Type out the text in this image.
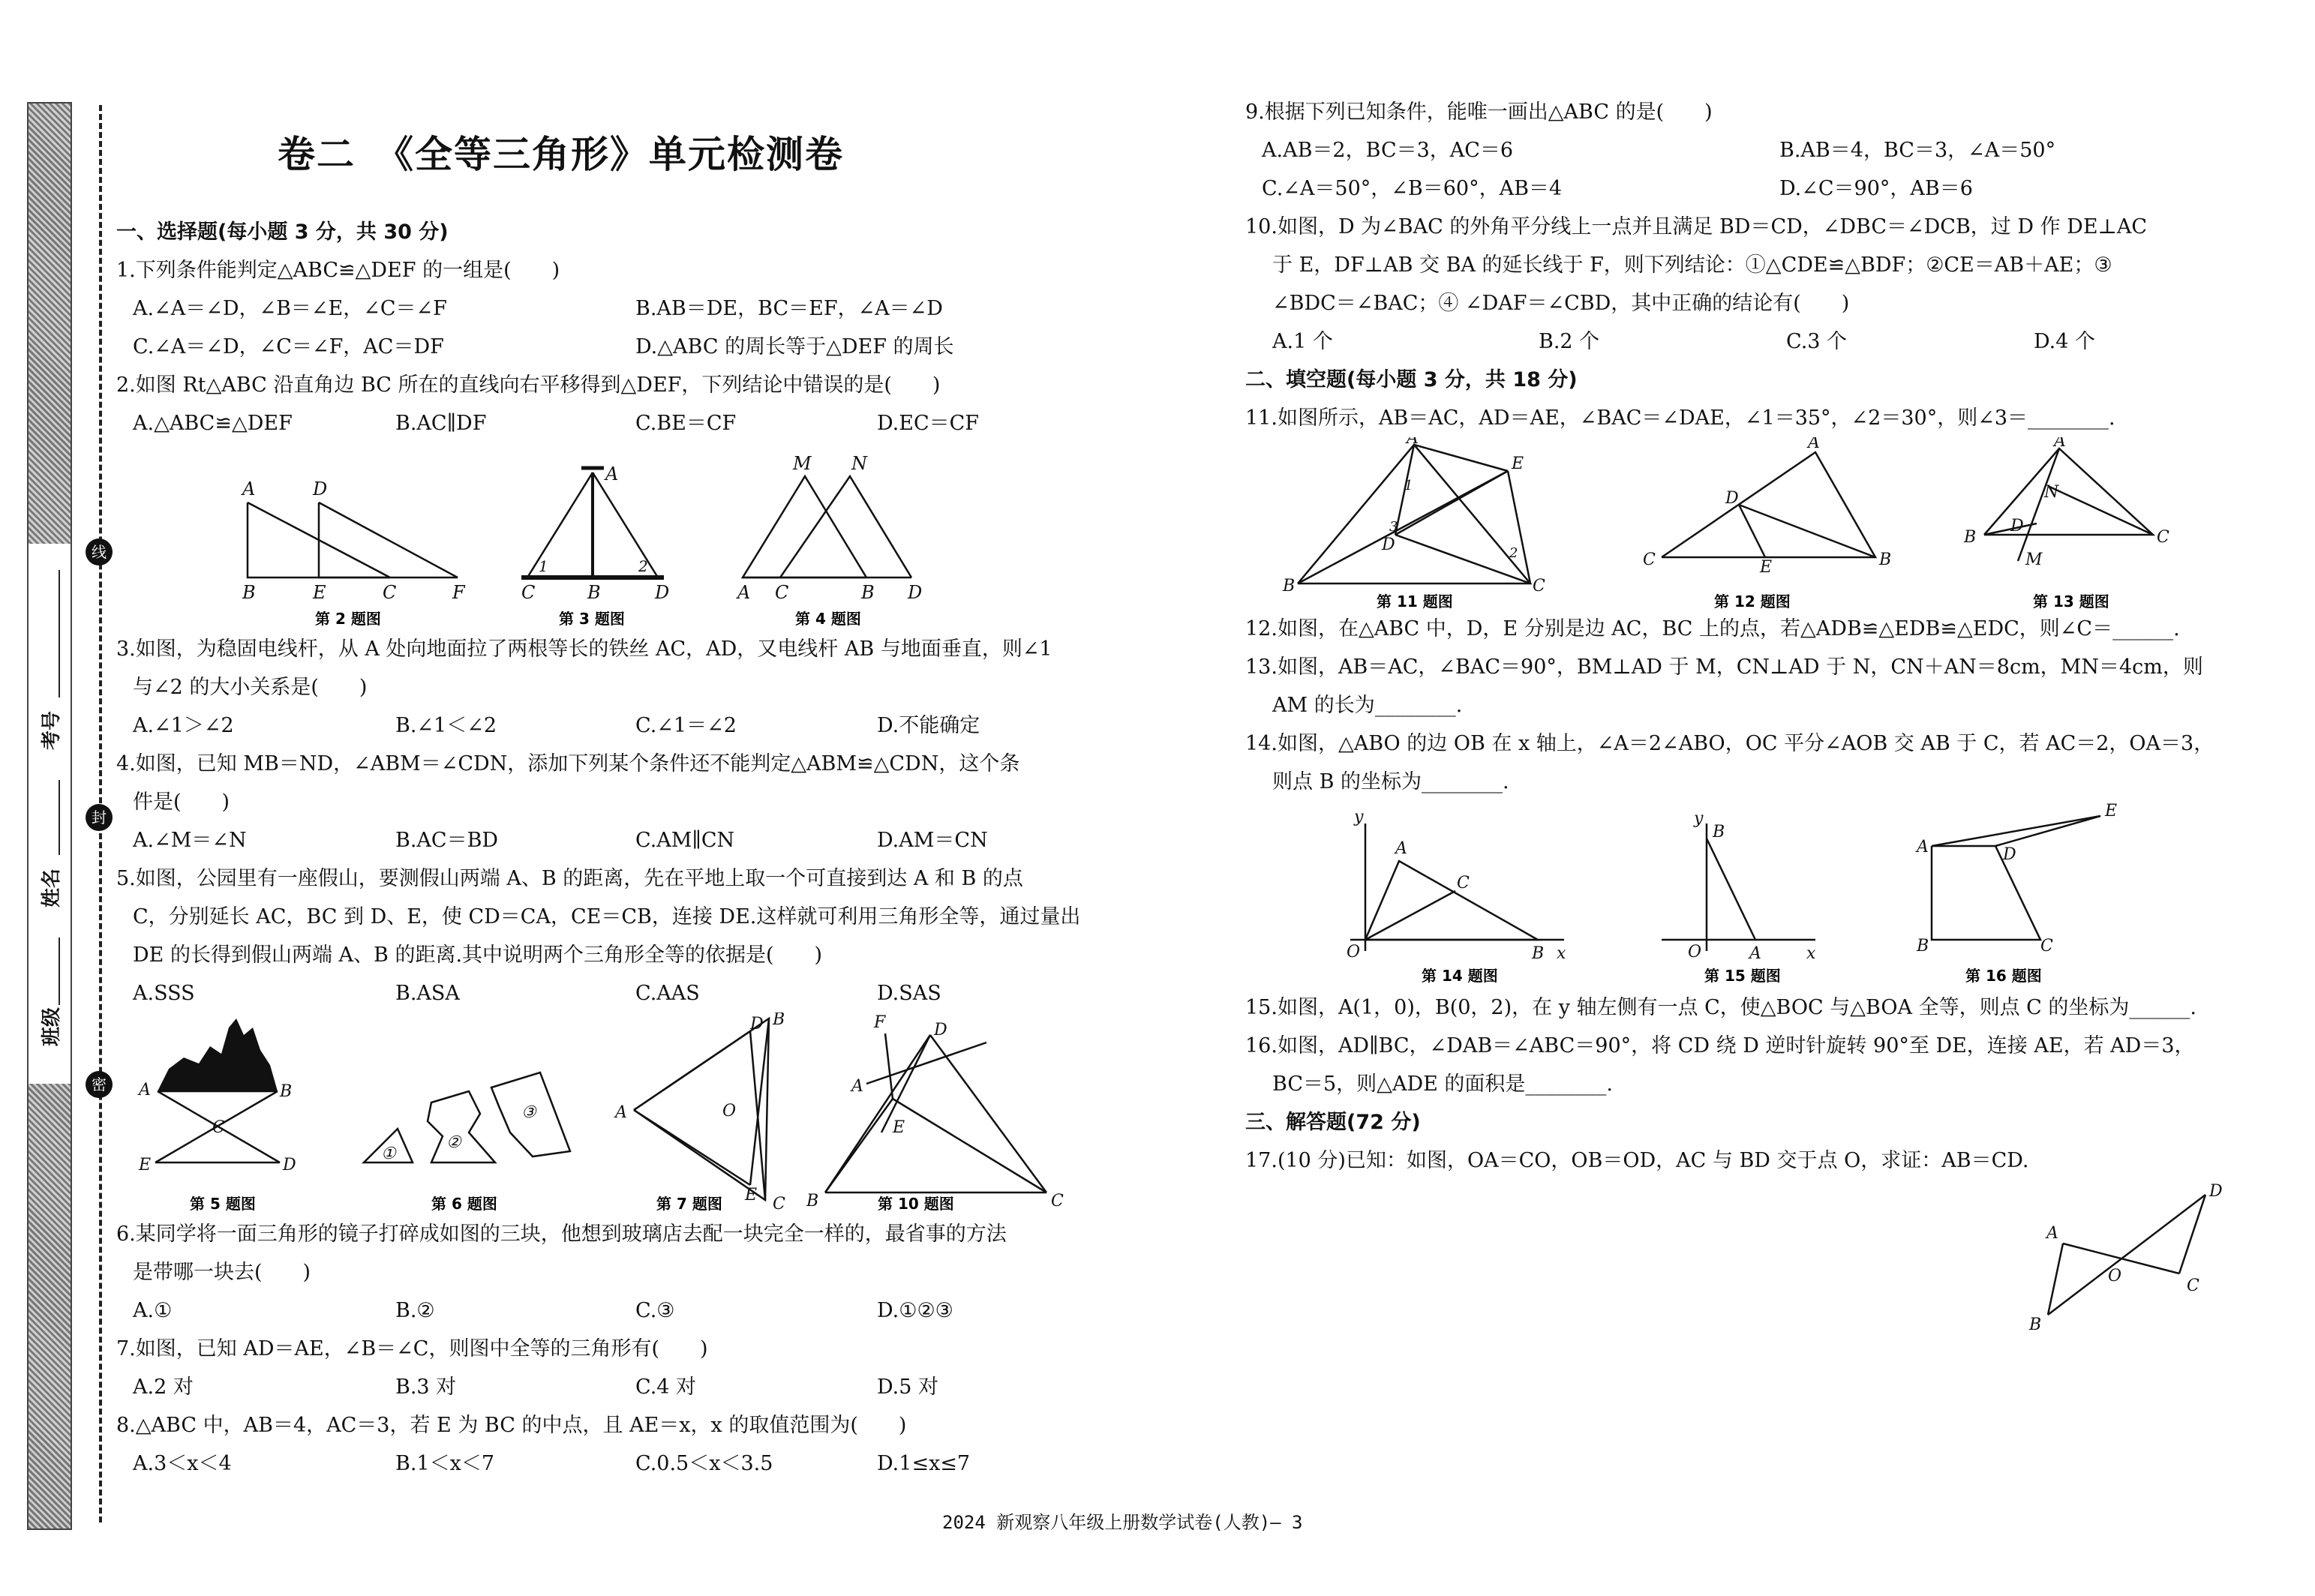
线
封
密
考号
姓名
班级
卷二　《全等三角形》单元检测卷

一、选择题(每小题 3 分，共 30 分)

1.下列条件能判定△ABC≌△DEF 的一组是(　　)

A.∠A＝∠D，∠B＝∠E，∠C＝∠F	B.AB＝DE，BC＝EF，∠A＝∠D
C.∠A＝∠D，∠C＝∠F，AC＝DF	D.△ABC 的周长等于△DEF 的周长

2.如图 Rt△ABC 沿直角边 BC 所在的直线向右平移得到△DEF，下列结论中错误的是(　　)

A.△ABC≌△DEF	B.AC∥DF	C.BE＝CF	D.EC＝CF
A	D
B	E	C	F
A
1	2
C	B	D
M N
A C	B D
第 2 题图	第 3 题图	第 4 题图

3.如图，为稳固电线杆，从 A 处向地面拉了两根等长的铁丝 AC，AD，又电线杆 AB 与地面垂直，则∠1

与∠2 的大小关系是(　　)

A.∠1＞∠2	B.∠1＜∠2	C.∠1＝∠2	D.不能确定

4.如图，已知 MB＝ND，∠ABM＝∠CDN，添加下列某个条件还不能判定△ABM≌△CDN，这个条

件是(　　)

A.∠M＝∠N	B.AC＝BD	C.AM∥CN	D.AM＝CN

5.如图，公园里有一座假山，要测假山两端 A、B 的距离，先在平地上取一个可直接到达 A 和 B 的点

C，分别延长 AC，BC 到 D、E，使 CD＝CA，CE＝CB，连接 DE.这样就可利用三角形全等，通过量出

DE 的长得到假山两端 A、B 的距离.其中说明两个三角形全等的依据是(　　)

A.SSS	B.ASA	C.AAS	D.SAS
A	B
C
E	D
①
②
③
B
D
A	O
E C
F	D
A
E
B	C
第 5 题图	第 6 题图	第 7 题图	第 10 题图

6.某同学将一面三角形的镜子打碎成如图的三块，他想到玻璃店去配一块完全一样的，最省事的方法

是带哪一块去(　　)

A.①	B.②	C.③	D.①②③

7.如图，已知 AD＝AE，∠B＝∠C，则图中全等的三角形有(　　)

A.2 对	B.3 对	C.4 对	D.5 对

8.△ABC 中，AB＝4，AC＝3，若 E 为 BC 的中点，且 AE＝x，x 的取值范围为(　　)

A.3＜x＜4	B.1＜x＜7	C.0.5＜x＜3.5	D.1≤x≤7

9.根据下列已知条件，能唯一画出△ABC 的是(　　)

A.AB＝2，BC＝3，AC＝6	B.AB＝4，BC＝3，∠A＝50°
C.∠A＝50°，∠B＝60°，AB＝4	D.∠C＝90°，AB＝6

10.如图，D 为∠BAC 的外角平分线上一点并且满足 BD＝CD，∠DBC＝∠DCB，过 D 作 DE⊥AC

于 E，DF⊥AB 交 BA 的延长线于 F，则下列结论：①△CDE≌△BDF；②CE＝AB＋AE；③

∠BDC＝∠BAC；④ ∠DAF＝∠CBD，其中正确的结论有(　　)

A.1 个	B.2 个	C.3 个	D.4 个

二、填空题(每小题 3 分，共 18 分)

11.如图所示，AB＝AC，AD＝AE，∠BAC＝∠DAE，∠1＝35°，∠2＝30°，则∠3＝________.

A
B	C
E
D
1
3
2
A
D
C	E	B
A
N
D
B	C
M
第 11 题图	第 12 题图	第 13 题图

12.如图，在△ABC 中，D，E 分别是边 AC，BC 上的点，若△ADB≌△EDB≌△EDC，则∠C＝______.

13.如图，AB＝AC，∠BAC＝90°，BM⊥AD 于 M，CN⊥AD 于 N，CN＋AN＝8cm，MN＝4cm，则

AM 的长为________.

14.如图，△ABO 的边 OB 在 x 轴上，∠A＝2∠ABO，OC 平分∠AOB 交 AB 于 C，若 AC＝2，OA＝3，

则点 B 的坐标为________.

y
A
C
O	B x
y
B
O	A	x
A	D
E
B	C
第 14 题图	第 15 题图	第 16 题图

15.如图，A(1，0)，B(0，2)，在 y 轴左侧有一点 C，使△BOC 与△BOA 全等，则点 C 的坐标为______.

16.如图，AD∥BC，∠DAB＝∠ABC＝90°，将 CD 绕 D 逆时针旋转 90°至 DE，连接 AE，若 AD＝3，

BC＝5，则△ADE 的面积是________.

三、解答题(72 分)

17.(10 分)已知：如图，OA＝CO，OB＝OD，AC 与 BD 交于点 O，求证：AB＝CD.

A
B
O
C
D
2024 新观察八年级上册数学试卷(人教)— 3
